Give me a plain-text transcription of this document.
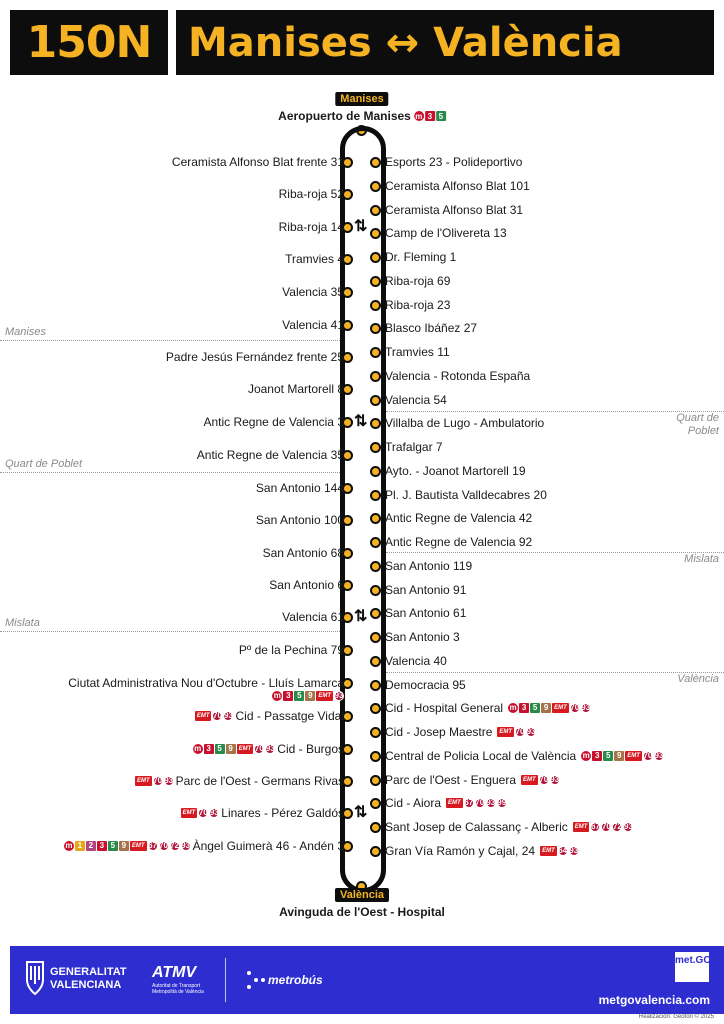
150N Manises ↔ València
Manises
Aeropuerto de Manises m 3 5
Manises
Quart de Poblet
Mislata
Quart de Poblet
Mislata
València
Ceramista Alfonso Blat frente 31
Riba-roja 52
Riba-roja 14 ⇅
Tramvies 4
Valencia 35
Valencia 41
Padre Jesús Fernández frente 25
Joanot Martorell 8
Antic Regne de Valencia 3 ⇅
Antic Regne de Valencia 35
San Antonio 144
San Antonio 100
San Antonio 68
San Antonio 6
Valencia 61 ⇅
Pº de la Pechina 79
Ciutat Administrativa Nou d'Octubre - Lluís Lamarca
m 3 5 9 EMT 93
EMT 70 93 Cid - Passatge Vidal
m 3 5 9 EMT 70 93 Cid - Burgos
EMT 70 93 Parc de l'Oest - Germans Rivas
EMT 70 93 Linares - Pérez Galdós ⇅
m 1 2 3 5 9 EMT 67 70 72 93 Àngel Guimerà 46 - Andén 3
Esports 23 - Polideportivo
Ceramista Alfonso Blat 101
Ceramista Alfonso Blat 31
Camp de l'Olivereta 13
Dr. Fleming 1
Riba-roja 69
Riba-roja 23
Blasco Ibáñez 27
Tramvies 11
Valencia - Rotonda España
Valencia 54
Villalba de Lugo - Ambulatorio
Trafalgar 7
Ayto. - Joanot Martorell 19
Pl. J. Bautista Valldecabres 20
Antic Regne de Valencia 42
Antic Regne de Valencia 92
San Antonio 119
San Antonio 91
San Antonio 61
San Antonio 3
Valencia 40
Democracia 95
Cid - Hospital General m 3 5 9 EMT 70 93
Cid - Josep Maestre	EMT 70 93
Central de Policia Local de València m 3 5 9 EMT 70 93
Parc de l'Oest - Enguera	EMT 70 93
Cid - Aiora	EMT 67 70 93 99
Sant Josep de Calassanç - Alberic	EMT 67 70 72 93
Gran Vía Ramón y Cajal, 24	EMT 64 93
València
Avinguda de l'Oest - Hospital
GENERALITAT VALENCIANA
ATMV
Autoritat de Transport Metropolità de València
metrobús
met.GO
metgovalencia.com
Realización: Geotori © 2025
